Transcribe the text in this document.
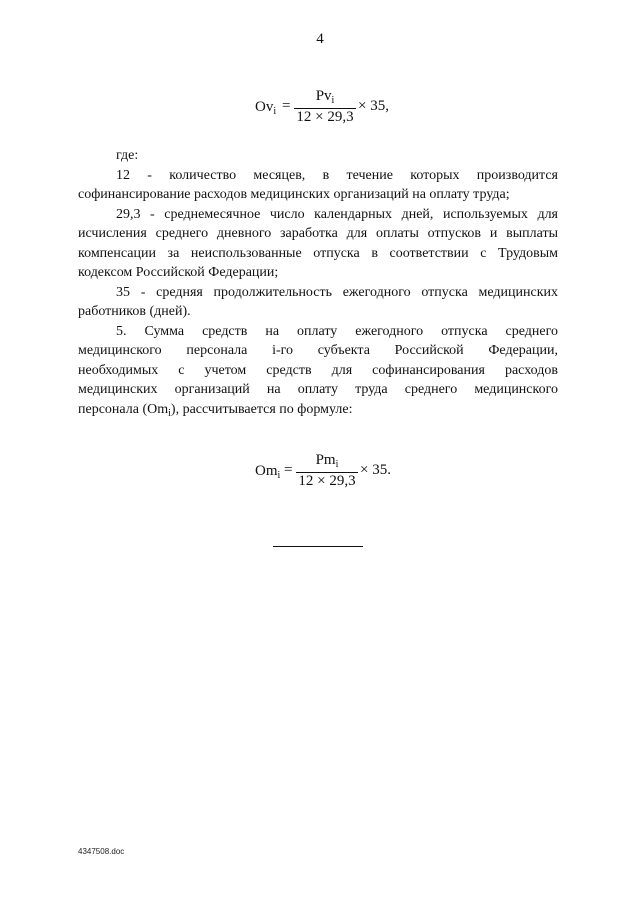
4
$Ov_i$ =
$Pv_i$
12 × 29,3
× 35,

где:

12 - количество месяцев, в течение которых производится

софинансирование расходов медицинских организаций на оплату труда;

29,3 - среднемесячное число календарных дней, используемых для

исчисления среднего дневного заработка для оплаты отпусков и выплаты

компенсации за неиспользованные отпуска в соответствии с Трудовым

кодексом Российской Федерации;

35 - средняя продолжительность ежегодного отпуска медицинских

работников (дней).

5. Сумма средств на оплату ежегодного отпуска среднего

медицинского персонала i-го субъекта Российской Федерации,

необходимых с учетом средств для софинансирования расходов

медицинских организаций на оплату труда среднего медицинского

персонала $(Om_i)$, рассчитывается по формуле:

$Om_i$ =
$Pm_i$
12 × 29,3
× 35.
4347508.doc
